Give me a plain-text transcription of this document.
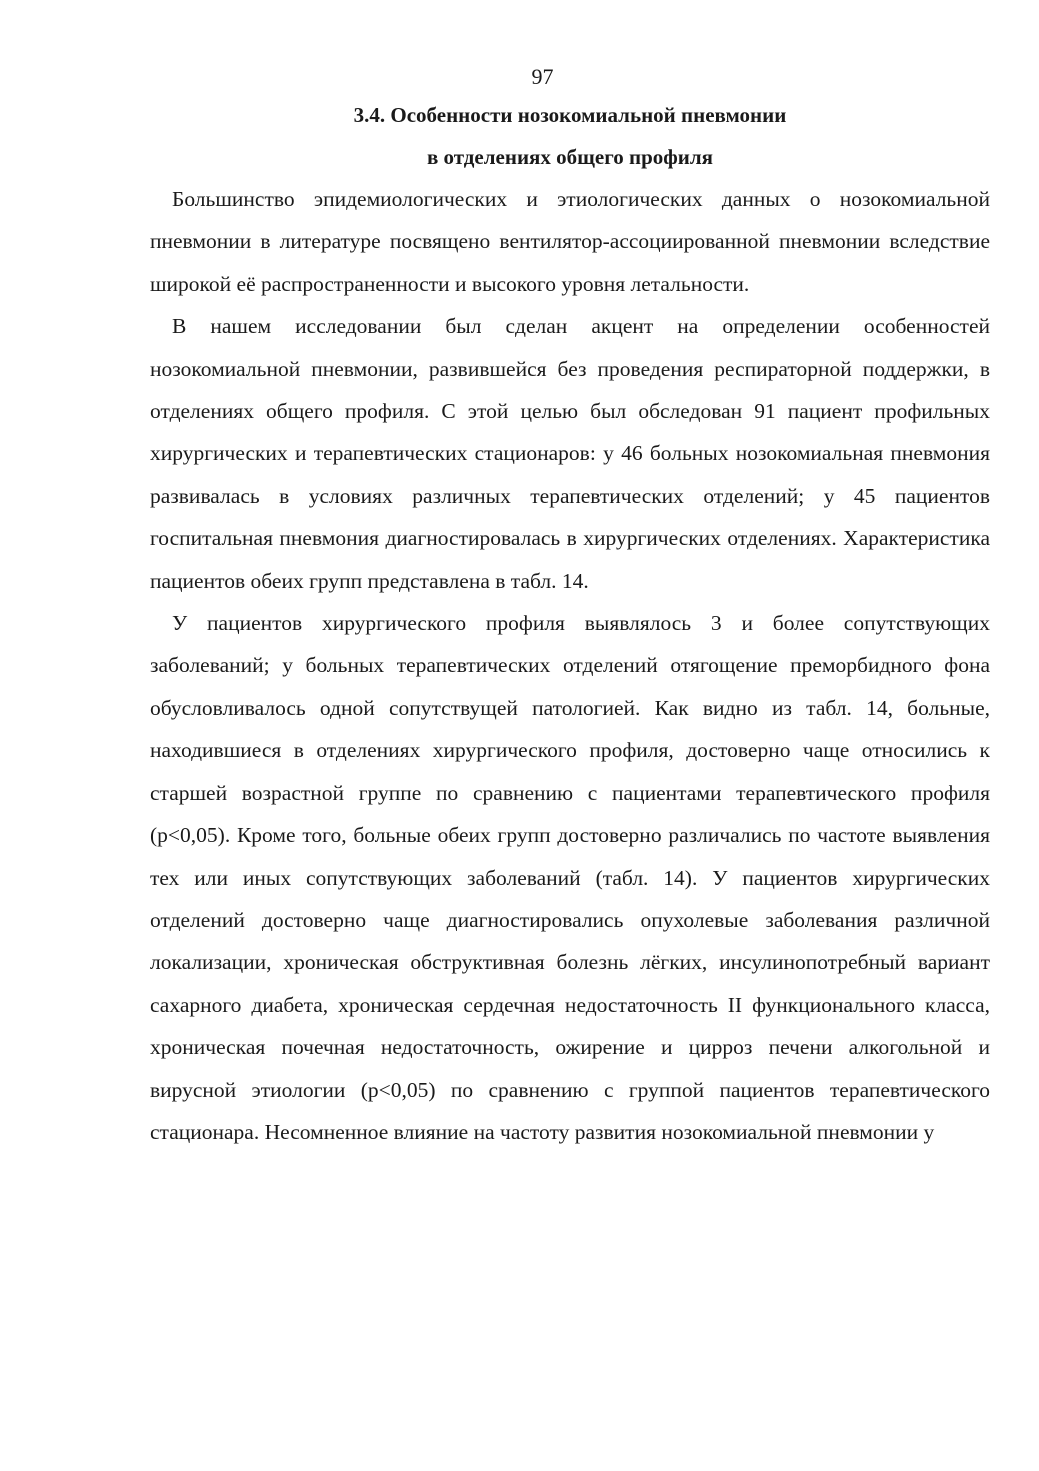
97
3.4. Особенности нозокомиальной пневмонии
в отделениях общего профиля

Большинство эпидемиологических и этиологических данных о нозокомиальной пневмонии в литературе посвящено вентилятор-ассоциированной пневмонии вследствие широкой её распространенности и высокого уровня летальности.

В нашем исследовании был сделан акцент на определении особенностей нозокомиальной пневмонии, развившейся без проведения респираторной поддержки, в отделениях общего профиля. С этой целью был обследован 91 пациент профильных хирургических и терапевтических стационаров: у 46 больных нозокомиальная пневмония развивалась в условиях различных терапевтических отделений; у 45 пациентов госпитальная пневмония диагностировалась в хирургических отделениях. Характеристика пациентов обеих групп представлена в табл. 14.

У пациентов хирургического профиля выявлялось 3 и более сопутствующих заболеваний; у больных терапевтических отделений отягощение преморбидного фона обусловливалось одной сопутствущей патологией. Как видно из табл. 14, больные, находившиеся в отделениях хирургического профиля, достоверно чаще относились к старшей возрастной группе по сравнению с пациентами терапевтического профиля (p<0,05). Кроме того, больные обеих групп достоверно различались по частоте выявления тех или иных сопутствующих заболеваний (табл. 14). У пациентов хирургических отделений достоверно чаще диагностировались опухолевые заболевания различной локализации, хроническая обструктивная болезнь лёгких, инсулинопотребный вариант сахарного диабета, хроническая сердечная недостаточность II функционального класса, хроническая почечная недостаточность, ожирение и цирроз печени алкогольной и вирусной этиологии (p<0,05) по сравнению с группой пациентов терапевтического стационара. Несомненное влияние на частоту развития нозокомиальной пневмонии у
